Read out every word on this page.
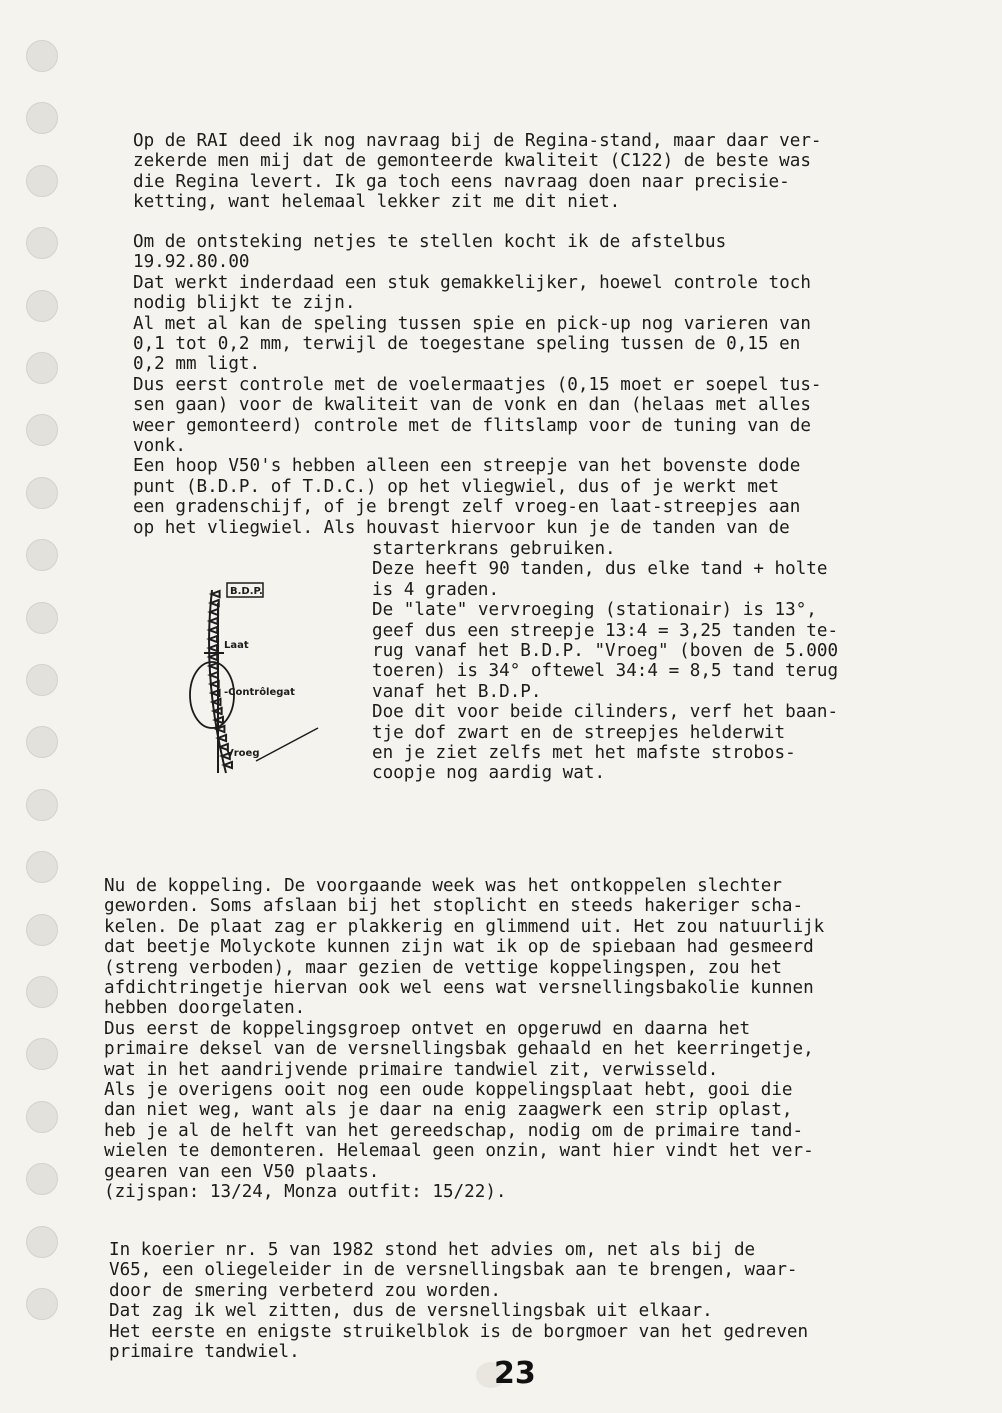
Op de RAI deed ik nog navraag bij de Regina-stand, maar daar ver-
zekerde men mij dat de gemonteerde kwaliteit (C122) de beste was
die Regina levert. Ik ga toch eens navraag doen naar precisie-
ketting, want helemaal lekker zit me dit niet.
Om de ontsteking netjes te stellen kocht ik de afstelbus
19.92.80.00
Dat werkt inderdaad een stuk gemakkelijker, hoewel controle toch
nodig blijkt te zijn.
Al met al kan de speling tussen spie en pick-up nog varieren van
0,1 tot 0,2 mm, terwijl de toegestane speling tussen de 0,15 en
0,2 mm ligt.
Dus eerst controle met de voelermaatjes (0,15 moet er soepel tus-
sen gaan) voor de kwaliteit van de vonk en dan (helaas met alles
weer gemonteerd) controle met de flitslamp voor de tuning van de
vonk.
Een hoop V50's hebben alleen een streepje van het bovenste dode
punt (B.D.P. of T.D.C.) op het vliegwiel, dus of je werkt met
een gradenschijf, of je brengt zelf vroeg-en laat-streepjes aan
op het vliegwiel. Als houvast hiervoor kun je de tanden van de
starterkrans gebruiken.
Deze heeft 90 tanden, dus elke tand + holte
is 4 graden.
De "late" vervroeging (stationair) is 13°,
geef dus een streepje 13:4 = 3,25 tanden te-
rug vanaf het B.D.P. "Vroeg" (boven de 5.000
toeren) is 34° oftewel 34:4 = 8,5 tand terug
vanaf het B.D.P.
Doe dit voor beide cilinders, verf het baan-
tje dof zwart en de streepjes helderwit
en je ziet zelfs met het mafste strobos-
coopje nog aardig wat.
Nu de koppeling. De voorgaande week was het ontkoppelen slechter
geworden. Soms afslaan bij het stoplicht en steeds hakeriger scha-
kelen. De plaat zag er plakkerig en glimmend uit. Het zou natuurlijk
dat beetje Molyckote kunnen zijn wat ik op de spiebaan had gesmeerd
(streng verboden), maar gezien de vettige koppelingspen, zou het
afdichtringetje hiervan ook wel eens wat versnellingsbakolie kunnen
hebben doorgelaten.
Dus eerst de koppelingsgroep ontvet en opgeruwd en daarna het
primaire deksel van de versnellingsbak gehaald en het keerringetje,
wat in het aandrijvende primaire tandwiel zit, verwisseld.
Als je overigens ooit nog een oude koppelingsplaat hebt, gooi die
dan niet weg, want als je daar na enig zaagwerk een strip oplast,
heb je al de helft van het gereedschap, nodig om de primaire tand-
wielen te demonteren. Helemaal geen onzin, want hier vindt het ver-
gearen van een V50 plaats.
(zijspan: 13/24, Monza outfit: 15/22).
In koerier nr. 5 van 1982 stond het advies om, net als bij de
V65, een oliegeleider in de versnellingsbak aan te brengen, waar-
door de smering verbeterd zou worden.
Dat zag ik wel zitten, dus de versnellingsbak uit elkaar.
Het eerste en enigste struikelblok is de borgmoer van het gedreven
primaire tandwiel.
B.D.P.
Laat
-Contrôlegat
Vroeg
23
